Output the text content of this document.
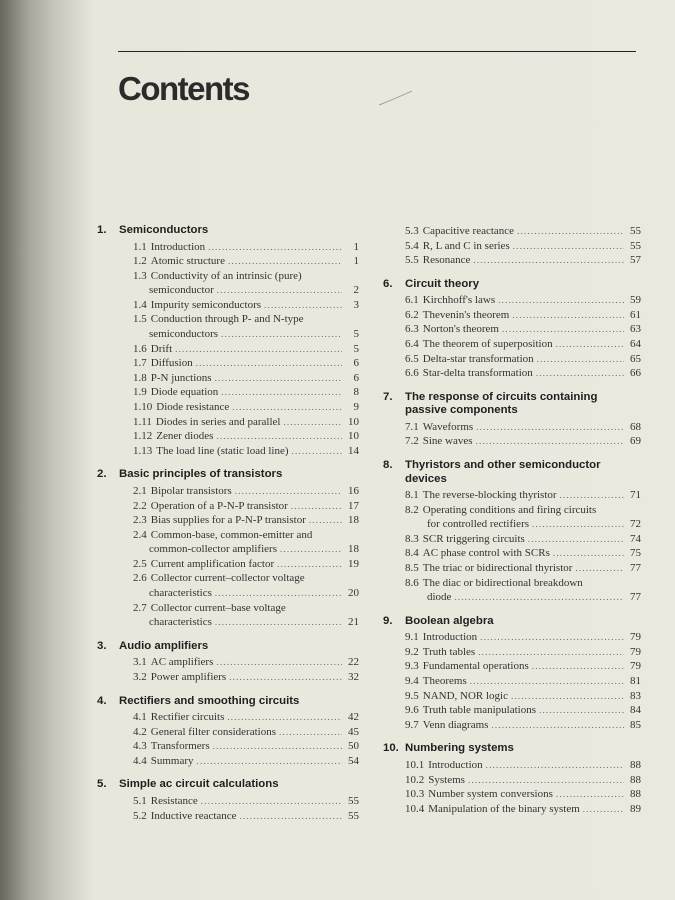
Contents
1.	Semiconductors
1.1 Introduction .....	1
1.2 Atomic structure .....	1
1.3 Conductivity of an intrinsic (pure)
semiconductor .....	2
1.4 Impurity semiconductors .....	3
1.5 Conduction through P- and N-type
semiconductors .....	5
1.6 Drift .....	5
1.7 Diffusion .....	6
1.8 P-N junctions .....	6
1.9 Diode equation .....	8
1.10 Diode resistance .....	9
1.11 Diodes in series and parallel .....	10
1.12 Zener diodes .....	10
1.13 The load line (static load line) .....	14
2.	Basic principles of transistors
2.1 Bipolar transistors .....	16
2.2 Operation of a P-N-P transistor .....	17
2.3 Bias supplies for a P-N-P transistor .....	18
2.4 Common-base, common-emitter and
common-collector amplifiers .....	18
2.5 Current amplification factor .....	19
2.6 Collector current–collector voltage
characteristics .....	20
2.7 Collector current–base voltage
characteristics .....	21
3.	Audio amplifiers
3.1 AC amplifiers .....	22
3.2 Power amplifiers .....	32
4.	Rectifiers and smoothing circuits
4.1 Rectifier circuits .....	42
4.2 General filter considerations .....	45
4.3 Transformers .....	50
4.4 Summary .....	54
5.	Simple ac circuit calculations
5.1 Resistance .....	55
5.2 Inductive reactance .....	55
5.3 Capacitive reactance .....	55
5.4 R, L and C in series .....	55
5.5 Resonance .....	57
6.	Circuit theory
6.1 Kirchhoff's laws .....	59
6.2 Thevenin's theorem .....	61
6.3 Norton's theorem .....	63
6.4 The theorem of superposition .....	64
6.5 Delta-star transformation .....	65
6.6 Star-delta transformation .....	66
7.	The response of circuits containing passive components
7.1 Waveforms .....	68
7.2 Sine waves .....	69
8.	Thyristors and other semiconductor devices
8.1 The reverse-blocking thyristor .....	71
8.2 Operating conditions and firing circuits
for controlled rectifiers .....	72
8.3 SCR triggering circuits .....	74
8.4 AC phase control with SCRs .....	75
8.5 The triac or bidirectional thyristor .....	77
8.6 The diac or bidirectional breakdown
diode .....	77
9.	Boolean algebra
9.1 Introduction .....	79
9.2 Truth tables .....	79
9.3 Fundamental operations .....	79
9.4 Theorems .....	81
9.5 NAND, NOR logic .....	83
9.6 Truth table manipulations .....	84
9.7 Venn diagrams .....	85
10. Numbering systems
10.1 Introduction .....	88
10.2 Systems .....	88
10.3 Number system conversions .....	88
10.4 Manipulation of the binary system .....	89
